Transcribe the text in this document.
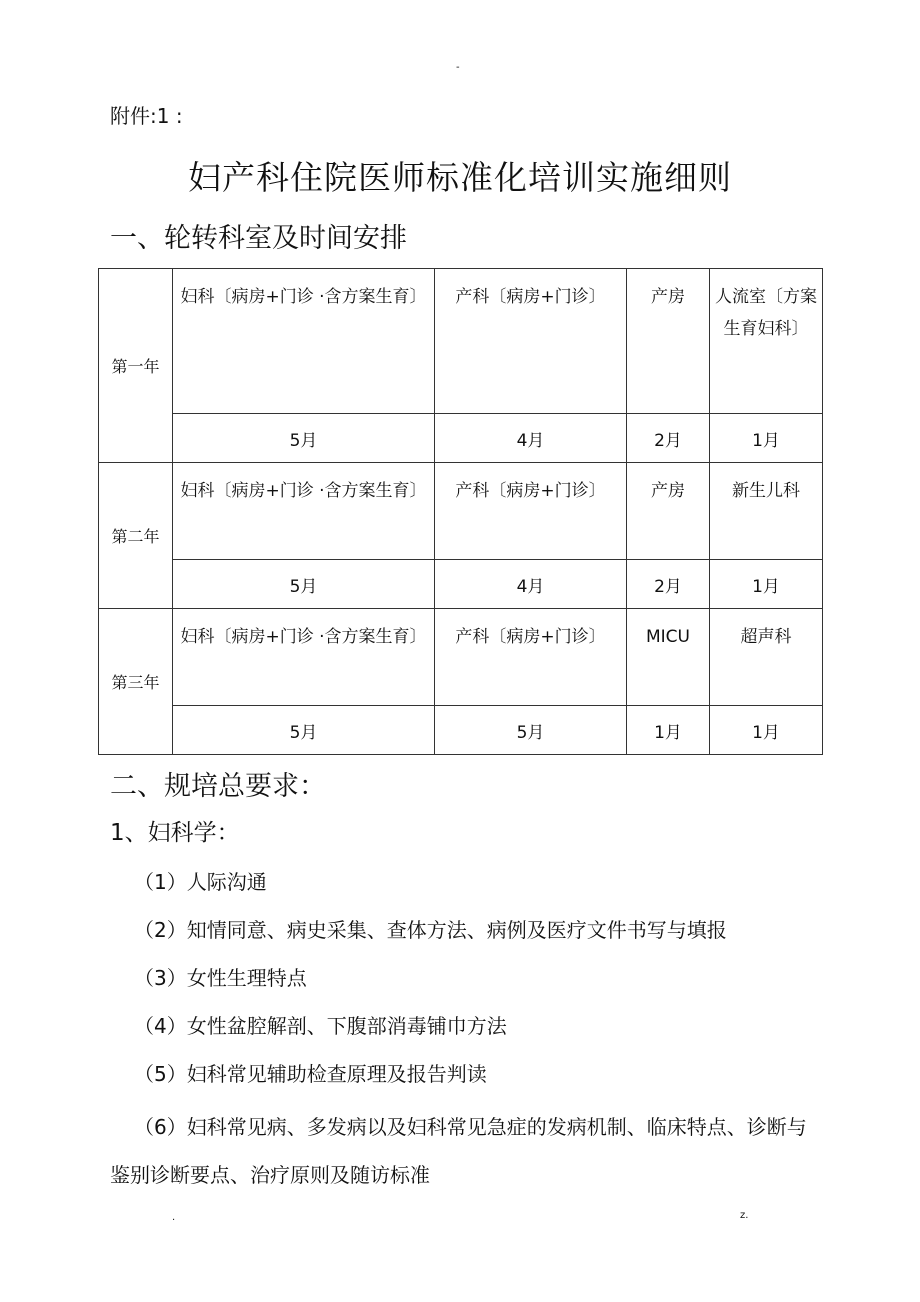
-
附件:1 :
妇产科住院医师标准化培训实施细则
一、轮转科室及时间安排
第一年	妇科〔病房+门诊 ·含方案生育〕	产科〔病房+门诊〕	产房	人流室〔方案生育妇科〕
	5月	4月	2月	1月
第二年	妇科〔病房+门诊 ·含方案生育〕	产科〔病房+门诊〕	产房	新生儿科
	5月	4月	2月	1月
第三年	妇科〔病房+门诊 ·含方案生育〕	产科〔病房+门诊〕	MICU	超声科
	5月	5月	1月	1月
二、规培总要求：
1、妇科学：
（1）人际沟通
（2）知情同意、病史采集、查体方法、病例及医疗文件书写与填报
（3）女性生理特点
（4）女性盆腔解剖、下腹部消毒铺巾方法
（5）妇科常见辅助检查原理及报告判读
（6）妇科常见病、多发病以及妇科常见急症的发病机制、临床特点、诊断与鉴别诊断要点、治疗原则及随访标准
.	z.
